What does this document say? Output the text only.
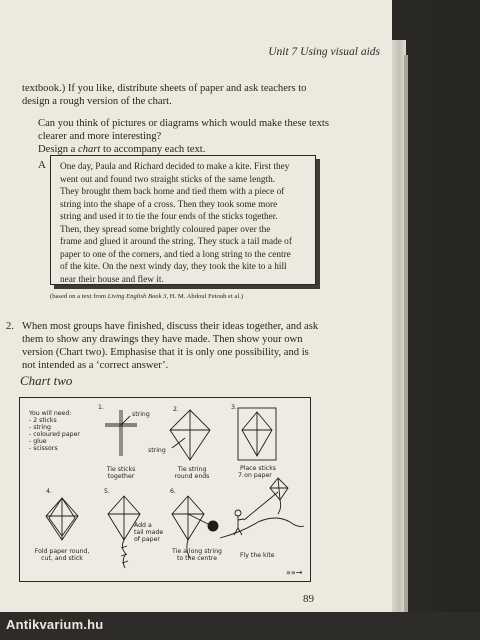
Unit 7 Using visual aids
textbook.) If you like, distribute sheets of paper and ask teachers to
design a rough version of the chart.
Can you think of pictures or diagrams which would make these texts
clearer and more interesting?
Design a chart to accompany each text.
A One day, Paula and Richard decided to make a kite. First they
went out and found two straight sticks of the same length.
They brought them back home and tied them with a piece of
string into the shape of a cross. Then they took some more
string and used it to tie the four ends of the sticks together.
Then, they spread some brightly coloured paper over the
frame and glued it around the string. They stuck a tail made of
paper to one of the corners, and tied a long string to the centre
of the kite. On the next windy day, they took the kite to a hill
near their house and flew it.
(based on a text from Living English Book 3, H. M. Abdoul Fetouh et al.)
2. When most groups have finished, discuss their ideas together, and ask
them to show any drawings they have made. Then show your own
version (Chart two). Emphasise that it is only one possibility, and is
not intended as a ‘correct answer’.
Chart two
You will need:
- 2 sticks
- string
- coloured paper
- glue
- scissors
1.	2.	3.
4.	5.	6.
7.
string
string
Tie sticks
together
Tie string
round ends
Place sticks
on paper
Fold paper round,
cut, and stick
Add a
tail made
of paper
Tie a long string
to the centre	Fly the kite
»»→
89
Antikvarium.hu
